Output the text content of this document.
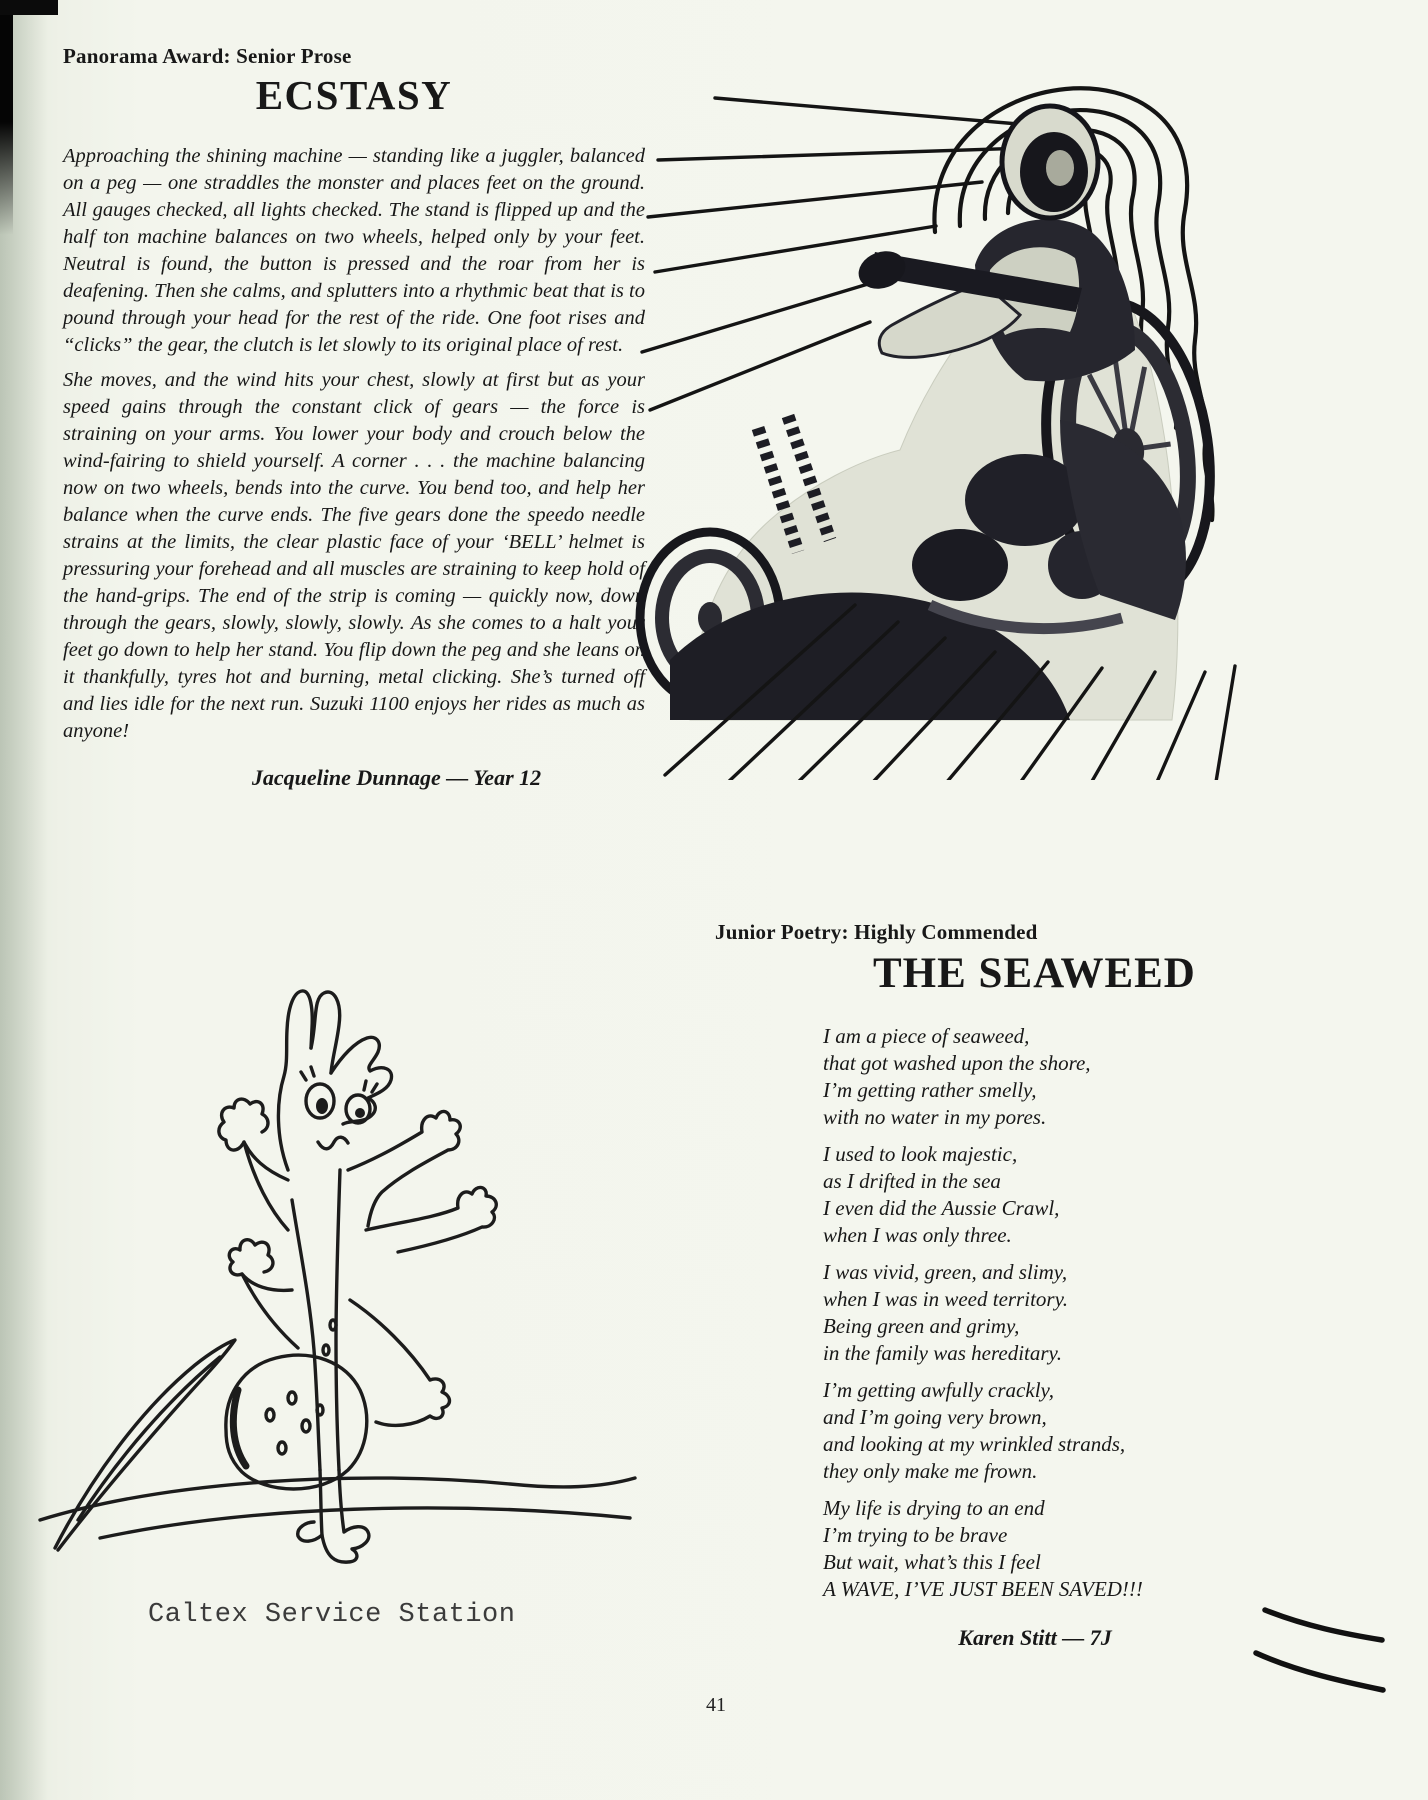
Panorama Award: Senior Prose
ECSTASY

Approaching the shining machine — standing like a juggler, balanced on a peg — one straddles the monster and places feet on the ground. All gauges checked, all lights checked. The stand is flipped up and the half ton machine balances on two wheels, helped only by your feet. Neutral is found, the button is pressed and the roar from her is deafening. Then she calms, and splutters into a rhythmic beat that is to pound through your head for the rest of the ride. One foot rises and “clicks” the gear, the clutch is let slowly to its original place of rest.

She moves, and the wind hits your chest, slowly at first but as your speed gains through the constant click of gears — the force is straining on your arms. You lower your body and crouch below the wind-fairing to shield yourself. A corner . . . the machine balancing now on two wheels, bends into the curve. You bend too, and help her balance when the curve ends. The five gears done the speedo needle strains at the limits, the clear plastic face of your ‘BELL’ helmet is pressuring your forehead and all muscles are straining to keep hold of the hand-grips. The end of the strip is coming — quickly now, down through the gears, slowly, slowly, slowly. As she comes to a halt your feet go down to help her stand. You flip down the peg and she leans on it thankfully, tyres hot and burning, metal clicking. She’s turned off and lies idle for the next run. Suzuki 1100 enjoys her rides as much as anyone!

Jacqueline Dunnage — Year 12
Junior Poetry: Highly Commended
THE SEAWEED
I am a piece of seaweed,
that got washed upon the shore,
I’m getting rather smelly,
with no water in my pores.
I used to look majestic,
as I drifted in the sea
I even did the Aussie Crawl,
when I was only three.
I was vivid, green, and slimy,
when I was in weed territory.
Being green and grimy,
in the family was hereditary.
I’m getting awfully crackly,
and I’m going very brown,
and looking at my wrinkled strands,
they only make me frown.
My life is drying to an end
I’m trying to be brave
But wait, what’s this I feel
A WAVE, I’VE JUST BEEN SAVED!!!
Karen Stitt — 7J
Caltex Service Station
41
